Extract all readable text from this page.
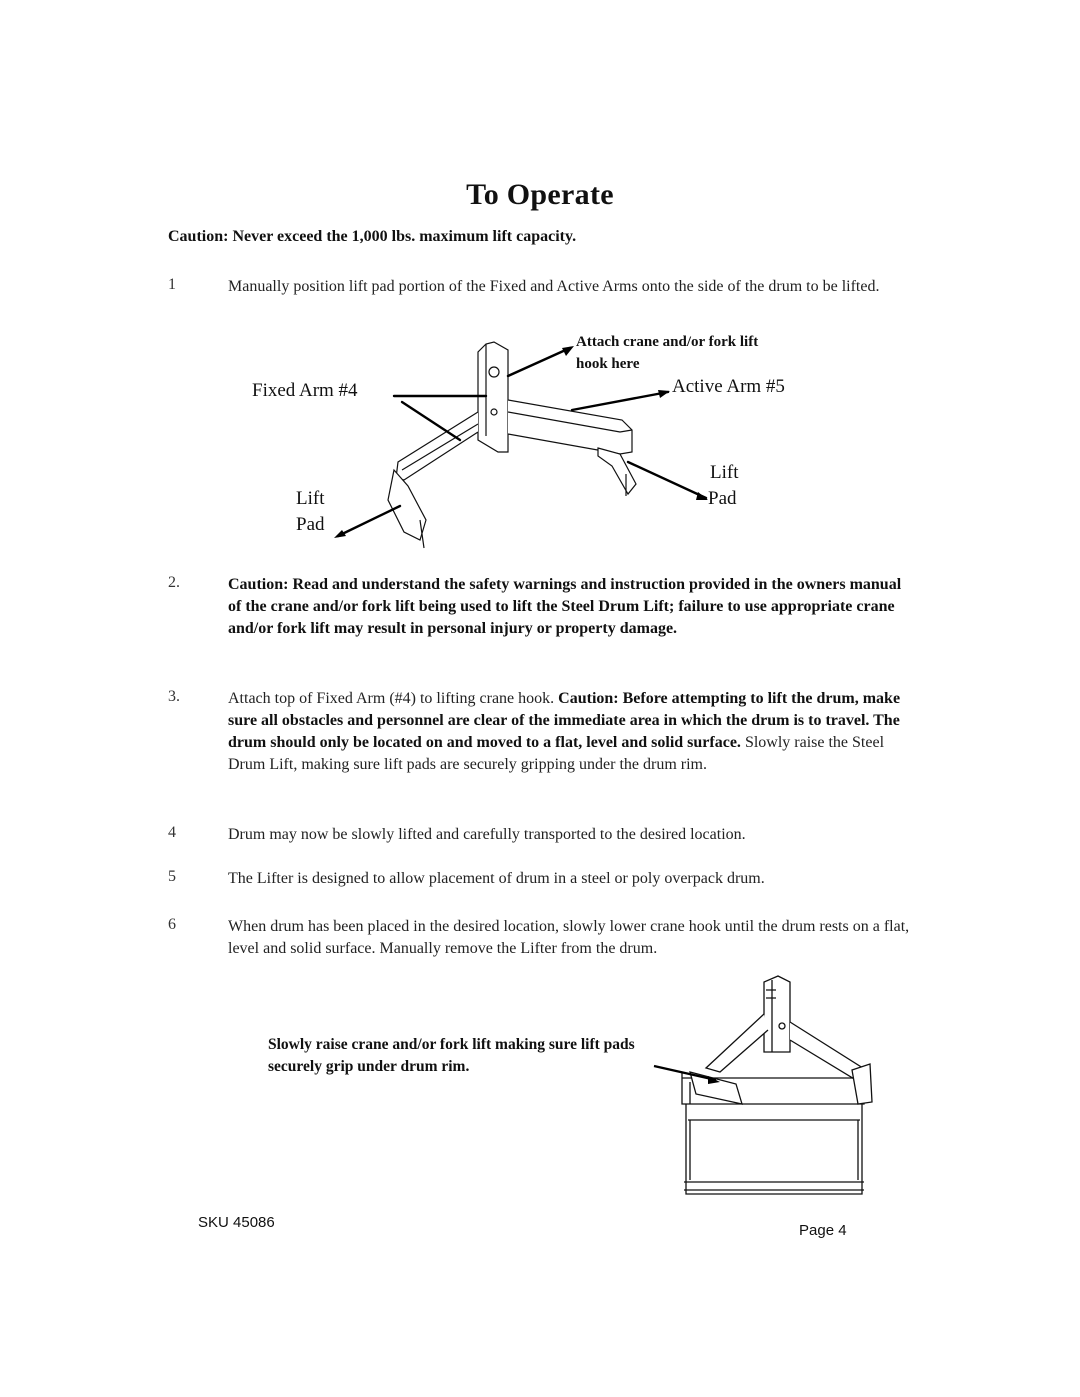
To Operate
Caution: Never exceed the 1,000 lbs. maximum lift capacity.
1	Manually position lift pad portion of the Fixed and Active Arms onto the side of the drum to be lifted.
Attach crane and/or fork lift
hook here
Fixed Arm #4	Active Arm #5
Lift
Pad
Lift
Pad
2.	Caution: Read and understand the safety warnings and instruction provided in the owners manual of the crane and/or fork lift being used to lift the Steel Drum Lift; failure to use appropriate crane and/or fork lift may result in personal injury or property damage.
3.	Attach top of Fixed Arm (#4) to lifting crane hook. Caution: Before attempting to lift the drum, make sure all obstacles and personnel are clear of the immediate area in which the drum is to travel. The drum should only be located on and moved to a flat, level and solid surface. Slowly raise the Steel Drum Lift, making sure lift pads are securely gripping under the drum rim.
4	Drum may now be slowly lifted and carefully transported to the desired location.
5	The Lifter is designed to allow placement of drum in a steel or poly overpack drum.
6	When drum has been placed in the desired location, slowly lower crane hook until the drum rests on a flat, level and solid surface. Manually remove the Lifter from the drum.
Slowly raise crane and/or fork lift making sure lift pads securely grip under drum rim.
SKU 45086	Page 4
